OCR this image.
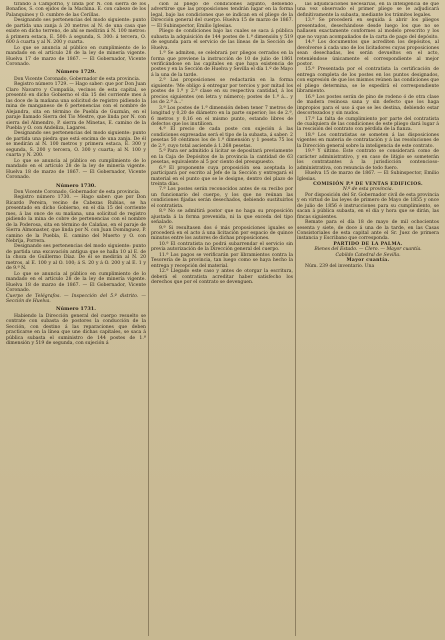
tirando ã Campofrio, y linda por N. con sierra de los Bonafios, S. con ejidos de la Machina. E. con cabezo de los Palanquines y O. cumbre de las Cerillas.

Designando ses pertenencias del modo siguiente: punto de partida una zanja á 20 metros al N. de una casa que existe en dicho terreno, de ahí se medirán á N. 100 metros: á primera estaca, E. 500: á segunda, S. 300: á tercera, O. 600 á cuarta y al N. 200 y cuarta.

Lo que se anuncia al público en cumplimiento de lo mandado en el artículo 28 de la ley de minería vigente. Huelva 17 de marzo de 1867. — El Gobernador, Vicente Coronado.

Número 1729.

Don Vicente Coronado, Gobernador de esta provincia.

Registro número 1729. — Hago saber: que por Don Juan Claro Navarro y Compañía, vecinos de esta capital, se presentó en dicho Gobierno el día 15 del corriente mes á las doce de la mañana una solicitud de registro pidiendo la mina de manganeso de 6 pertenencias con el nombre de Alejandra, sita en término de Puebla de Guzmán, en el paraje llamado Sierra del Tio Mestre, que linda por N. con sierra del Almendro, P. sierra de Minetas, E. camino de la Puebla y O. con Andeliza, Lagares.

Designando ses pertenencias del modo siguiente: punto de partida una piedra que está encima de una zanja. De él se medirán al N. 100 metros y primera estaca, E. 300 y segunda, S. 200 y tercera, O. 300 y cuarta; al N. 100 y cuarta y N. 200.

Lo que se anuncia al público en cumplimiento de lo mandado en el artículo 28 de la ley de minería vigente. Huelva 18 de marzo de 1867. — El Gobernador, Vicente Coronado.

Número 1730.

Don Vicente Coronado, Gobernador de esta provincia.

Registro número 1730. — Hago saber: que por Don Ricardo Pereira, vecino de Cabezas Rubias, se ha presentado en dicho Gobierno, en el día 15 del corriente mes, á las once de su mañana, una solicitud de registro pidiendo la mina de cobre de pertenencias con el nombre de la Poderosa, sita en término de Calañas, en el paraje de Sierra Almonaster, que linda por N. con Juan Domínguez, P. camino de la Puebla, E. camino del Muerto y O. con Nebrija, Porrera.

Designando ses pertenencias del modo siguiente: punto de partida una excavación antigua que se halla 10 al E. de la choza de Guillermo Díaz. De él se medirán al N. 20 metros, al E. 100 y al O. 100; á S. 20 y á O. 200 y al E. 1 y de 9.ª N.

Lo que se anuncia al público en cumplimiento de lo mandado en el artículo 28 de la ley de minería vigente. Huelva 18 de marzo de 1867. — El Gobernador, Vicente Coronado.

Cuerpo de Telégrafos. — Inspección del 5.º distrito. — Sección de Huelva.

Número 1731.

Habiendo la Dirección general del cuerpo resuelto se contrate con subasta de postores la conducción de la Sección, con destino á las reparaciones que deben practicarse en la línea que une dichas capitales, se saca á pública subasta el suministro de 144 postes de 1.ª dimensión y 519 de segunda, con sujeción á

cion al pliego de condiciones adjunto, debiendo advertirse que las proposiciones tendrán lugar en la forma legal, bajo las condiciones que se indican en el pliego de la Dirección general del cuerpo. Huelva 15 de marzo de 1867. — El Subinspector, Emilio Iglesias.

Pliego de condiciones bajo las cuales se saca á pública subasta la adquisición de 144 postes de 1.ª dimensión y 519 de segunda para el servicio de las líneas de la Sección de Huelva.

1.ª Se admiten, se celebrará por pliegos cerrados en la forma que previene la instrucción de 10 de julio de 1861 verificándose en las capitales en que haya existencia de postes y en la Sección de Huelva y Sevilla el día 1.º de Mayo á la una de la tarde.

2.ª Las proposiciones se redactarán en la forma siguiente: 'Me obligo á entregar por tercios y por mitad los postes de 1.ª y 2.ª clase en su respectiva cantidad, á los precios siguientes (en letra y número); postes de 1.ª á... y los de 2.ª á...'

3.ª Los postes de 1.ª dimensión deben tener 7 metros de longitud y 0,20 de diámetro en la parte superior; los de 2.ª, 6 metros y 0,16 en el mismo punto, estando libres de defectos que los inutilicen.

4.ª El precio de cada poste con sujeción á las condiciones expresadas será el tipo de la subasta, á saber: 2 pesetas 50 céntimos los de 1.ª dimensión y 1 peseta 75 los de 2.ª, cuyo total asciende á 1.268 pesetas.

5.ª Para ser admitido á licitar se depositará previamente en la Caja de Depósitos de la provincia la cantidad de 63 pesetas, equivalente al 5 por ciento del presupuesto.

6.ª El proponente cuya proposición sea aceptada lo participará por escrito al Jefe de la Sección y entregará el material en el punto que se le designe, dentro del plazo de treinta días.

7.ª Los postes serán reconocidos antes de su recibo por un funcionario del cuerpo, y los que no reúnan las condiciones fijadas serán desechados, debiendo sustituirlos el contratista.

8.ª No se admitirá postor que no haga su proposición ajustada á la forma prevenida, ni la que exceda del tipo señalado.

9.ª Si resultasen dos ó más proposiciones iguales se procederá en el acto á una licitación por espacio de quince minutos entre los autores de dichas proposiciones.

10.ª El contratista no podrá subarrendar el servicio sin previa autorización de la Dirección general del cuerpo.

11.ª Los pagos se verificarán por libramientos contra la Tesorería de la provincia, tan luego como se haya hecho la entrega y recepción del material.

12.ª Llegado este caso y antes de otorgar la escritura, deberá el contratista acreditar haber satisfecho los derechos que por el contrato se devenguen.

las adjudicaciones necesarias, en la inteligencia de que una vez observado el primer pliego se le adjudicará definitivamente la subasta, mediante los trámites legales.

13.ª Se procederá en seguida á abrir los pliegos presentados, desechándose desde luego los que no se hallasen exactamente conformes al modelo prescrito y los que no vayan acompañados de la carta de pago del depósito.

14.ª Los documentos que acrediten los depósitos, al devolverse á cada uno de los licitadores cuyas proposiciones sean desechadas, les serán devueltos en el acto, reteniéndose únicamente el correspondiente al mejor postor.

15.ª Presentada por el contratista la certificación de entrega completa de los postes en los puntos designados, con expresión de que los mismos reúnen las condiciones que el pliego determina, se le expedirá el correspondiente libramiento.

16.ª Los postes serán de pino de rodeno ó de otra clase de madera resinosa sana y sin defecto que los haga impropios para el uso á que se les destina, debiendo estar descortezados y sin nudos.

17.ª La falta de cumplimiento por parte del contratista de cualquiera de las condiciones de este pliego dará lugar á la rescisión del contrato con pérdida de la fianza.

18.ª Los contratistas se someten á las disposiciones vigentes en materia de contratación y á las resoluciones de la Dirección general sobre la inteligencia de este contrato.

19.ª Y último. Este contrato se considerará como de carácter administrativo, y en caso de litigio se someterán los contratantes á la jurisdicción contencioso-administrativa, con renuncia de todo fuero.

Huelva 15 de marzo de 1867. — El Subinspector, Emilio Iglesias.

COMISIÓN P.ª DE VENTAS EDIFICIOS.

N.º de esta provincia.

Por disposición del Sr. Gobernador civil de esta provincia y en virtud de las leyes de primero de Mayo de 1855 y once de julio de 1856 é instrucciones para su cumplimiento, se sacan á pública subasta, en el día y hora que se dirán, las fincas siguientes.

Remate para el día 18 de mayo de mil ochocientos sesenta y siete, de doce á una de la tarde, en las Casas Consistoriales de esta capital ante el Sr. Juez de primera instancia y Escribano que corresponda.

PARTIDO DE LA PALMA.

Bienes del Estado. — Clero. — Mayor cuantía.

Cabildo Catedral de Sevilla.

Mayor cuantía.

Núm. 239 del inventario. Una
